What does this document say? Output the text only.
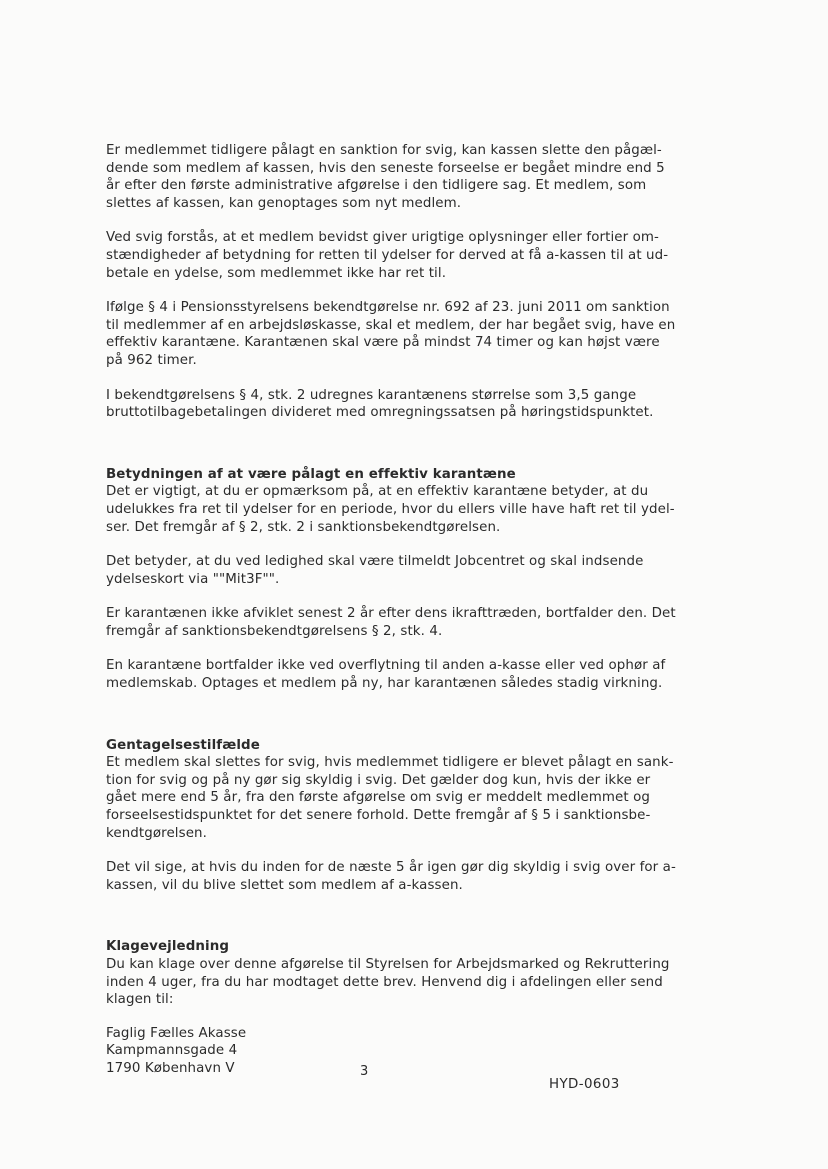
Er medlemmet tidligere pålagt en sanktion for svig, kan kassen slette den pågæl-
dende som medlem af kassen, hvis den seneste forseelse er begået mindre end 5
år efter den første administrative afgørelse i den tidligere sag. Et medlem, som
slettes af kassen, kan genoptages som nyt medlem.
Ved svig forstås, at et medlem bevidst giver urigtige oplysninger eller fortier om-
stændigheder af betydning for retten til ydelser for derved at få a-kassen til at ud-
betale en ydelse, som medlemmet ikke har ret til.
Ifølge § 4 i Pensionsstyrelsens bekendtgørelse nr. 692 af 23. juni 2011 om sanktion
til medlemmer af en arbejdsløskasse, skal et medlem, der har begået svig, have en
effektiv karantæne. Karantænen skal være på mindst 74 timer og kan højst være
på 962 timer.
I bekendtgørelsens § 4, stk. 2 udregnes karantænens størrelse som 3,5 gange
bruttotilbagebetalingen divideret med omregningssatsen på høringstidspunktet.
Betydningen af at være pålagt en effektiv karantæne
Det er vigtigt, at du er opmærksom på, at en effektiv karantæne betyder, at du
udelukkes fra ret til ydelser for en periode, hvor du ellers ville have haft ret til ydel-
ser. Det fremgår af § 2, stk. 2 i sanktionsbekendtgørelsen.
Det betyder, at du ved ledighed skal være tilmeldt Jobcentret og skal indsende
ydelseskort via ""Mit3F"".
Er karantænen ikke afviklet senest 2 år efter dens ikrafttræden, bortfalder den. Det
fremgår af sanktionsbekendtgørelsens § 2, stk. 4.
En karantæne bortfalder ikke ved overflytning til anden a-kasse eller ved ophør af
medlemskab. Optages et medlem på ny, har karantænen således stadig virkning.
Gentagelsestilfælde
Et medlem skal slettes for svig, hvis medlemmet tidligere er blevet pålagt en sank-
tion for svig og på ny gør sig skyldig i svig. Det gælder dog kun, hvis der ikke er
gået mere end 5 år, fra den første afgørelse om svig er meddelt medlemmet og
forseelsestidspunktet for det senere forhold. Dette fremgår af § 5 i sanktionsbe-
kendtgørelsen.
Det vil sige, at hvis du inden for de næste 5 år igen gør dig skyldig i svig over for a-
kassen, vil du blive slettet som medlem af a-kassen.
Klagevejledning
Du kan klage over denne afgørelse til Styrelsen for Arbejdsmarked og Rekruttering
inden 4 uger, fra du har modtaget dette brev. Henvend dig i afdelingen eller send
klagen til:
Faglig Fælles Akasse
Kampmannsgade 4
1790 København V	3
HYD-0603
